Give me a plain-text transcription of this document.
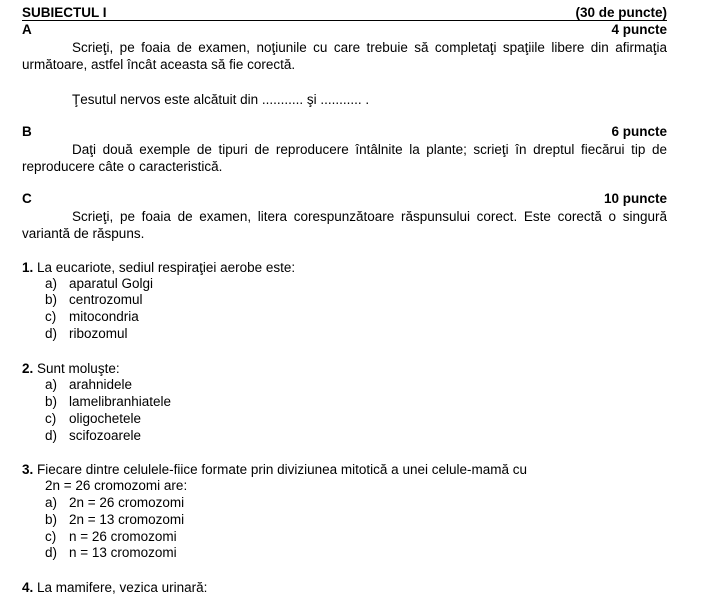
SUBIECTUL I	(30 de puncte)
A	4 puncte
Scrieţi, pe foaia de examen, noţiunile cu care trebuie să completaţi spaţiile libere din afirmaţia următoare, astfel încât aceasta să fie corectă.
Ţesutul nervos este alcătuit din ........... şi ........... .
B	6 puncte
Daţi două exemple de tipuri de reproducere întâlnite la plante; scrieţi în dreptul fiecărui tip de reproducere câte o caracteristică.
C	10 puncte
Scrieţi, pe foaia de examen, litera corespunzătoare răspunsului corect. Este corectă o singură variantă de răspuns.
1. La eucariote, sediul respiraţiei aerobe este:
a) aparatul Golgi
b) centrozomul
c) mitocondria
d) ribozomul
2. Sunt moluşte:
a) arahnidele
b) lamelibranhiatele
c) oligochetele
d) scifozoarele
3. Fiecare dintre celulele-fiice formate prin diviziunea mitotică a unei celule-mamă cu
2n = 26 cromozomi are:
a) 2n = 26 cromozomi
b) 2n = 13 cromozomi
c) n = 26 cromozomi
d) n = 13 cromozomi
4. La mamifere, vezica urinară:
